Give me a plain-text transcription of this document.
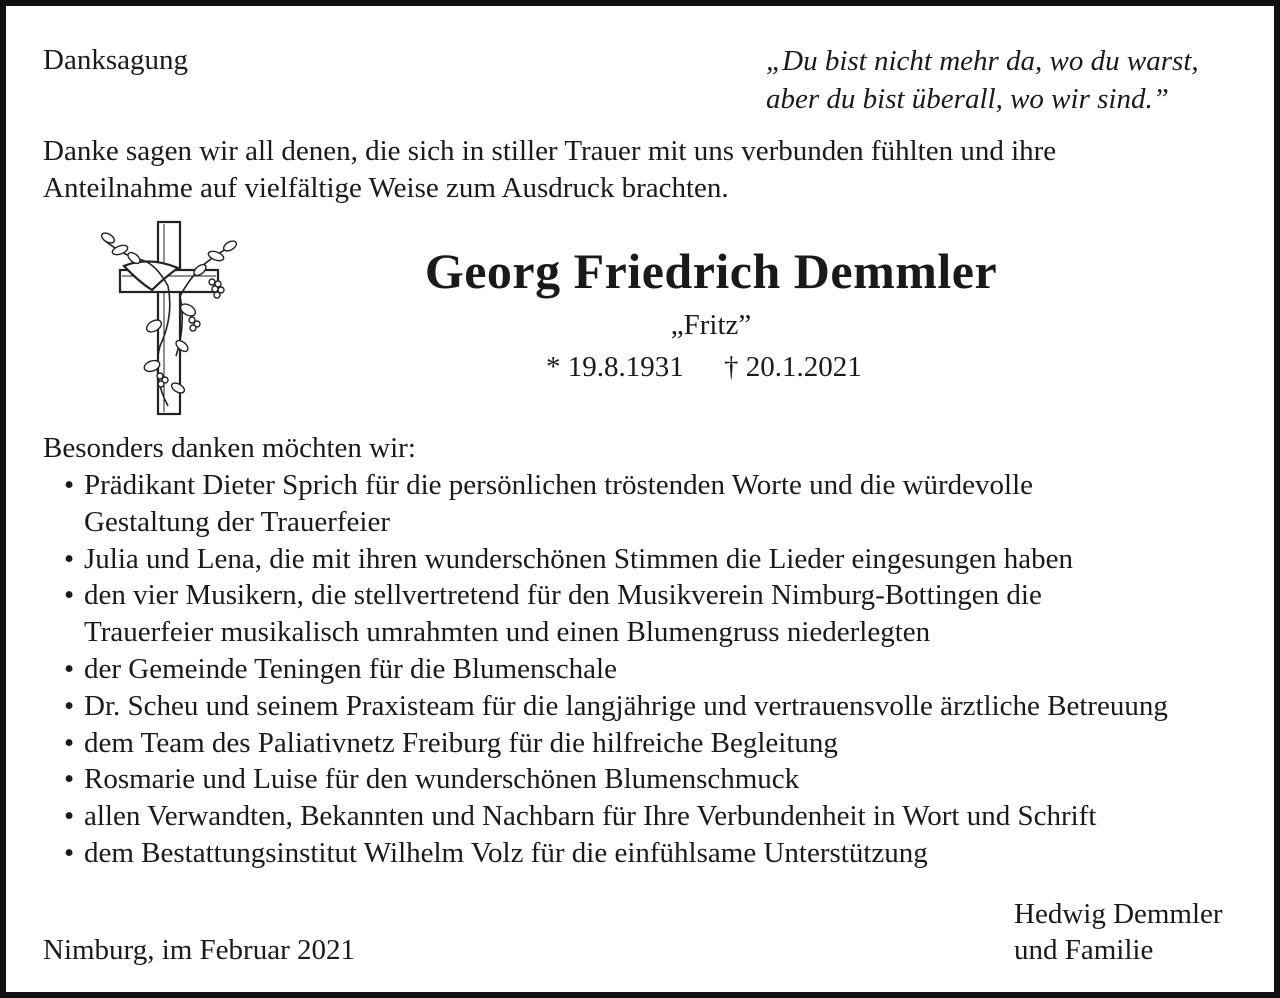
Danksagung	„Du bist nicht mehr da, wo du warst,
aber du bist überall, wo wir sind.”
Danke sagen wir all denen, die sich in stiller Trauer mit uns verbunden fühlten und ihre
Anteilnahme auf vielfältige Weise zum Ausdruck brachten.
Georg Friedrich Demmler
„Fritz”
* 19.8.1931 † 20.1.2021
Besonders danken möchten wir:
• Prädikant Dieter Sprich für die persönlichen tröstenden Worte und die würdevolle
Gestaltung der Trauerfeier
• Julia und Lena, die mit ihren wunderschönen Stimmen die Lieder eingesungen haben
• den vier Musikern, die stellvertretend für den Musikverein Nimburg-Bottingen die
Trauerfeier musikalisch umrahmten und einen Blumengruss niederlegten
• der Gemeinde Teningen für die Blumenschale
• Dr. Scheu und seinem Praxisteam für die langjährige und vertrauensvolle ärztliche Betreuung
• dem Team des Paliativnetz Freiburg für die hilfreiche Begleitung
• Rosmarie und Luise für den wunderschönen Blumenschmuck
• allen Verwandten, Bekannten und Nachbarn für Ihre Verbundenheit in Wort und Schrift
• dem Bestattungsinstitut Wilhelm Volz für die einfühlsame Unterstützung
Nimburg, im Februar 2021
Hedwig Demmler
und Familie
